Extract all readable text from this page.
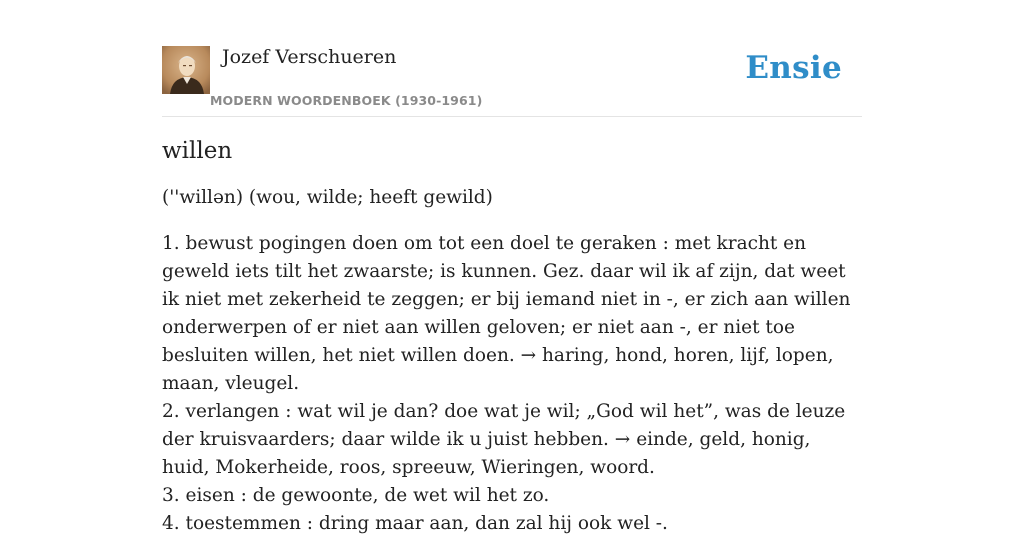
Jozef Verschueren
MODERN WOORDENBOEK (1930-1961)
Ensie
willen
(''willən) (wou, wilde; heeft gewild)

1. bewust pogingen doen om tot een doel te geraken : met kracht en geweld iets tilt het zwaarste; is kunnen. Gez. daar wil ik af zijn, dat weet ik niet met zekerheid te zeggen; er bij iemand niet in -, er zich aan willen onderwerpen of er niet aan willen geloven; er niet aan -, er niet toe besluiten willen, het niet willen doen. → haring, hond, horen, lijf, lopen, maan, vleugel.

2. verlangen : wat wil je dan? doe wat je wil; „God wil het”, was de leuze der kruisvaarders; daar wilde ik u juist hebben. → einde, geld, honig, huid, Mokerheide, roos, spreeuw, Wieringen, woord.

3. eisen : de gewoonte, de wet wil het zo.

4. toestemmen : dring maar aan, dan zal hij ook wel -.
